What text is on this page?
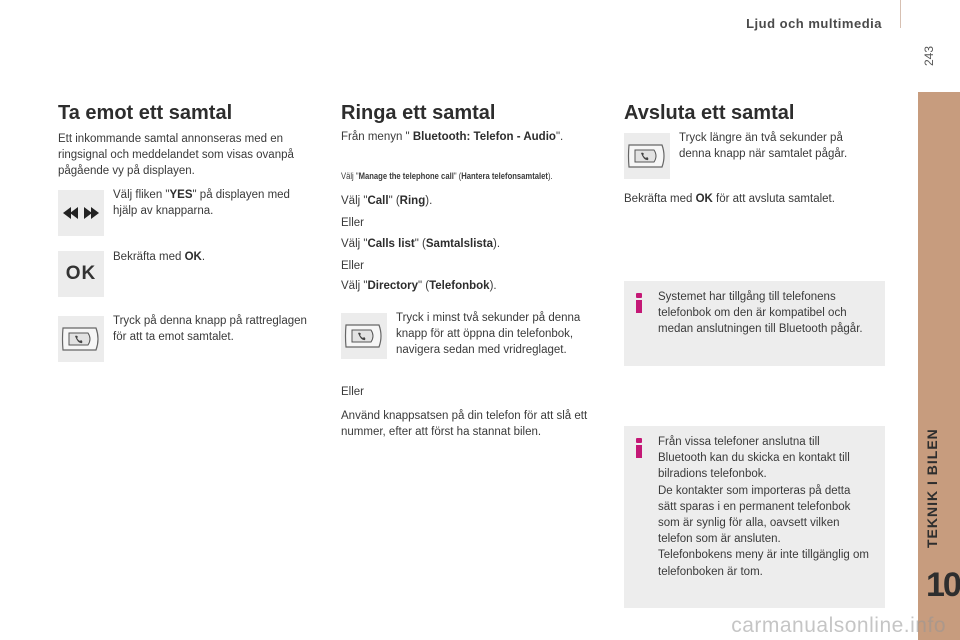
Ljud och multimedia
243
TEKNIK I BILEN
10
Ta emot ett samtal
Ett inkommande samtal annonseras med en ringsignal och meddelandet som visas ovanpå pågående vy på displayen.
Välj fliken "YES" på displayen med hjälp av knapparna.
OK
Bekräfta med OK.
Tryck på denna knapp på rattreglagen för att ta emot samtalet.
Ringa ett samtal
Från menyn " Bluetooth: Telefon - Audio".
Välj "Manage the telephone call" (Hantera telefonsamtalet).
Välj "Call" (Ring).
Eller
Välj "Calls list" (Samtalslista).
Eller
Välj "Directory" (Telefonbok).
Tryck i minst två sekunder på denna knapp för att öppna din telefonbok, navigera sedan med vridreglaget.
Eller
Använd knappsatsen på din telefon för att slå ett nummer, efter att först ha stannat bilen.
Avsluta ett samtal
Tryck längre än två sekunder på denna knapp när samtalet pågår.
Bekräfta med OK för att avsluta samtalet.
Systemet har tillgång till telefonens telefonbok om den är kompatibel och medan anslutningen till Bluetooth pågår.
Från vissa telefoner anslutna till Bluetooth kan du skicka en kontakt till bilradions telefonbok.
De kontakter som importeras på detta sätt sparas i en permanent telefonbok som är synlig för alla, oavsett vilken telefon som är ansluten.
Telefonbokens meny är inte tillgänglig om telefonboken är tom.
carmanualsonline.info
